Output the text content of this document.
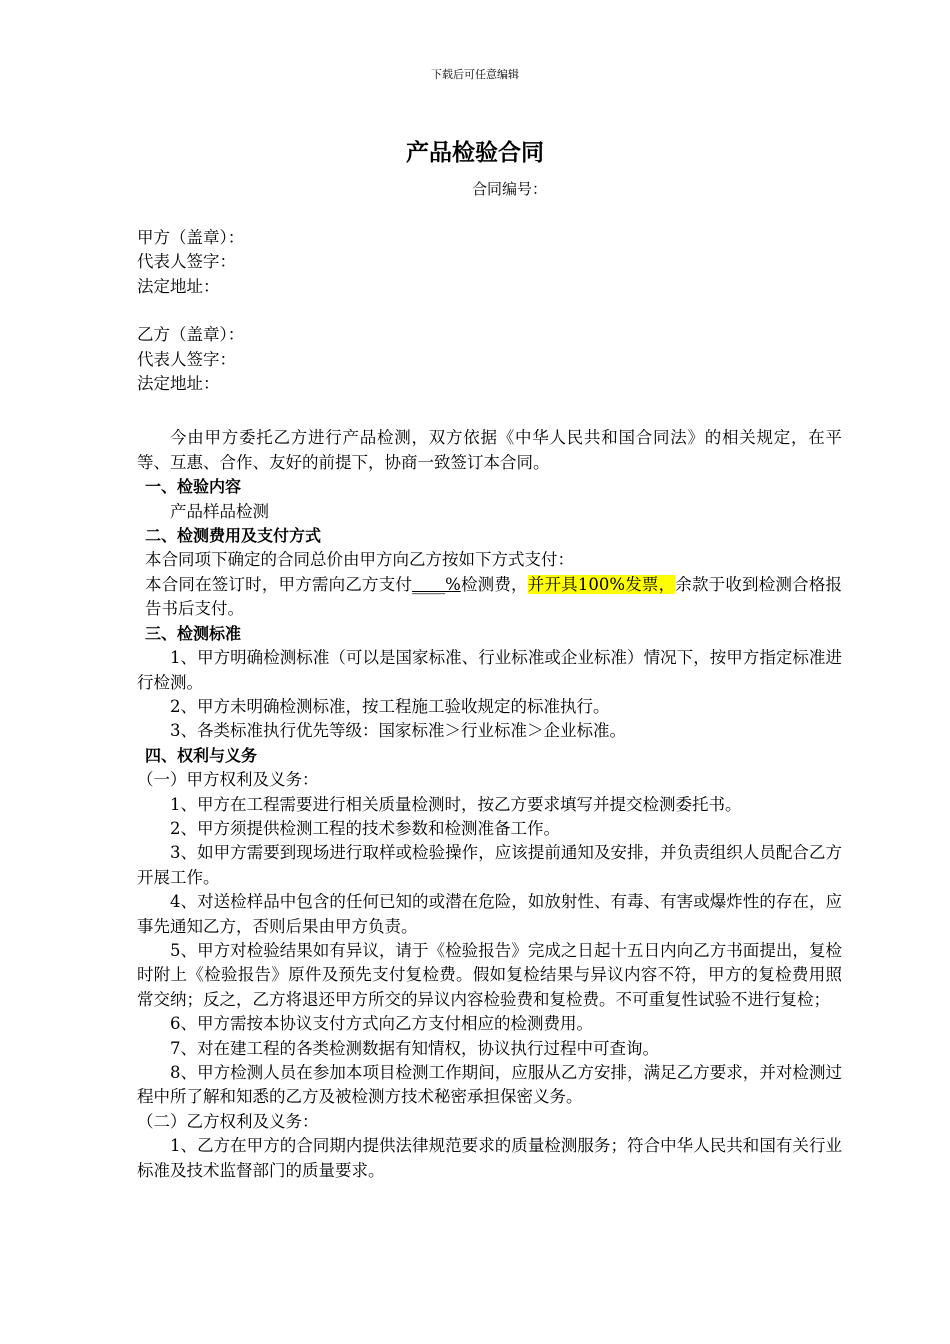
下载后可任意编辑
产品检验合同
合同编号：

甲方（盖章）：

代表人签字：

法定地址：

乙方（盖章）：

代表人签字：

法定地址：

今由甲方委托乙方进行产品检测，双方依据《中华人民共和国合同法》的相关规定，在平等、互惠、合作、友好的前提下，协商一致签订本合同。

一、检验内容

产品样品检测

二、检测费用及支付方式

本合同项下确定的合同总价由甲方向乙方按如下方式支付：

本合同在签订时，甲方需向乙方支付____%检测费，并开具100%发票，余款于收到检测合格报告书后支付。

三、检测标准

1、甲方明确检测标准（可以是国家标准、行业标准或企业标准）情况下，按甲方指定标准进行检测。

2、甲方未明确检测标准，按工程施工验收规定的标准执行。

3、各类标准执行优先等级：国家标准＞行业标准＞企业标准。

四、权利与义务

（一）甲方权利及义务：

1、甲方在工程需要进行相关质量检测时，按乙方要求填写并提交检测委托书。

2、甲方须提供检测工程的技术参数和检测准备工作。

3、如甲方需要到现场进行取样或检验操作，应该提前通知及安排，并负责组织人员配合乙方开展工作。

4、对送检样品中包含的任何已知的或潜在危险，如放射性、有毒、有害或爆炸性的存在，应事先通知乙方，否则后果由甲方负责。

5、甲方对检验结果如有异议，请于《检验报告》完成之日起十五日内向乙方书面提出，复检时附上《检验报告》原件及预先支付复检费。假如复检结果与异议内容不符，甲方的复检费用照常交纳；反之，乙方将退还甲方所交的异议内容检验费和复检费。不可重复性试验不进行复检；

6、甲方需按本协议支付方式向乙方支付相应的检测费用。

7、对在建工程的各类检测数据有知情权，协议执行过程中可查询。

8、甲方检测人员在参加本项目检测工作期间，应服从乙方安排，满足乙方要求，并对检测过程中所了解和知悉的乙方及被检测方技术秘密承担保密义务。

（二）乙方权利及义务：

1、乙方在甲方的合同期内提供法律规范要求的质量检测服务；符合中华人民共和国有关行业标准及技术监督部门的质量要求。
